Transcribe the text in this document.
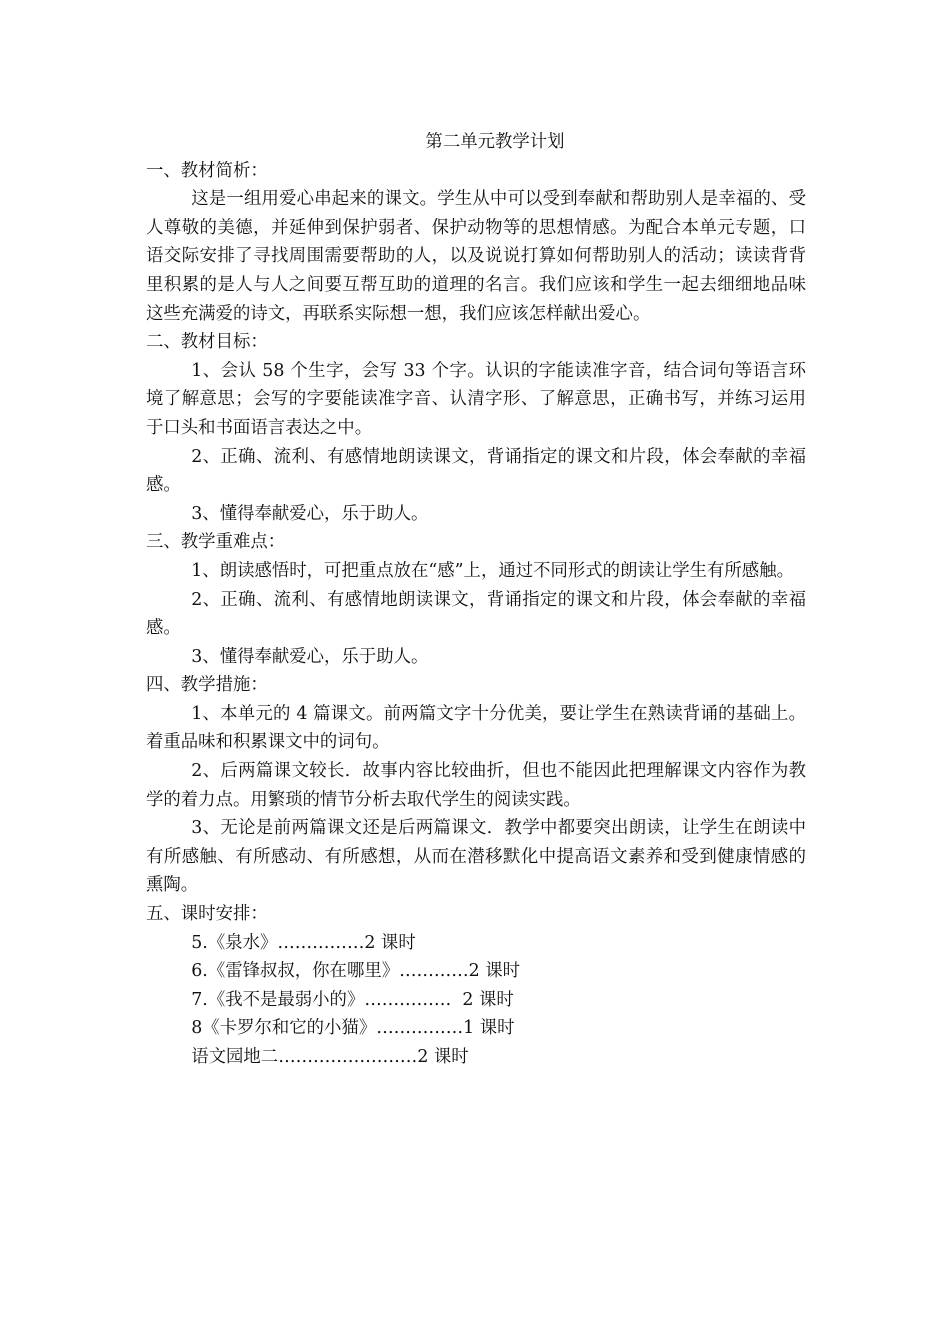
第二单元教学计划
一、教材简析：

这是一组用爱心串起来的课文。学生从中可以受到奉献和帮助别人是幸福的、受人尊敬的美德，并延伸到保护弱者、保护动物等的思想情感。为配合本单元专题，口语交际安排了寻找周围需要帮助的人，以及说说打算如何帮助别人的活动；读读背背里积累的是人与人之间要互帮互助的道理的名言。我们应该和学生一起去细细地品味这些充满爱的诗文，再联系实际想一想，我们应该怎样献出爱心。

二、教材目标：

1、会认 58 个生字，会写 33 个字。认识的字能读准字音，结合词句等语言环境了解意思；会写的字要能读准字音、认清字形、了解意思，正确书写，并练习运用于口头和书面语言表达之中。

2、正确、流利、有感情地朗读课文，背诵指定的课文和片段，体会奉献的幸福感。

3、懂得奉献爱心，乐于助人。

三、教学重难点：

1、朗读感悟时，可把重点放在“感”上，通过不同形式的朗读让学生有所感触。

2、正确、流利、有感情地朗读课文，背诵指定的课文和片段，体会奉献的幸福感。

3、懂得奉献爱心，乐于助人。

四、教学措施：

1、本单元的 4 篇课文。前两篇文字十分优美，要让学生在熟读背诵的基础上。着重品味和积累课文中的词句。

2、后两篇课文较长．故事内容比较曲折，但也不能因此把理解课文内容作为教学的着力点。用繁琐的情节分析去取代学生的阅读实践。

3、无论是前两篇课文还是后两篇课文．教学中都要突出朗读，让学生在朗读中有所感触、有所感动、有所感想，从而在潜移默化中提高语文素养和受到健康情感的熏陶。

五、课时安排：
5.《泉水》……………2 课时
6.《雷锋叔叔，你在哪里》…………2 课时
7.《我不是最弱小的》……………  2 课时
8《卡罗尔和它的小猫》……………1 课时
语文园地二……………………2 课时
